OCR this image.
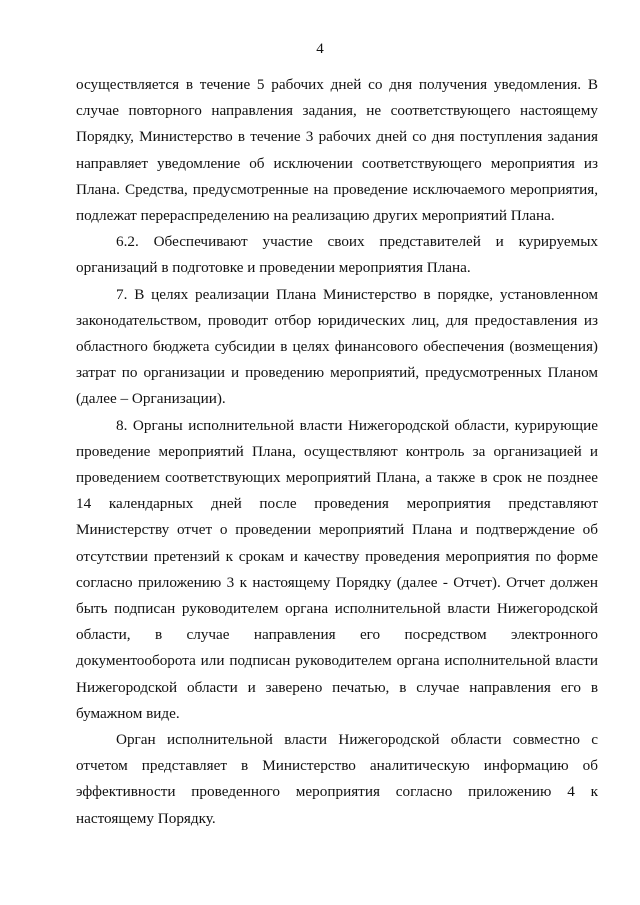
4

осуществляется в течение 5 рабочих дней со дня получения уведомления. В случае повторного направления задания, не соответствующего настоящему Порядку, Министерство в течение 3 рабочих дней со дня поступления задания направляет уведомление об исключении соответствующего мероприятия из Плана. Средства, предусмотренные на проведение исключаемого мероприятия, подлежат перераспределению на реализацию других мероприятий Плана.

6.2. Обеспечивают участие своих представителей и курируемых организаций в подготовке и проведении мероприятия Плана.

7. В целях реализации Плана Министерство в порядке, установленном законодательством, проводит отбор юридических лиц, для предоставления из областного бюджета субсидии в целях финансового обеспечения (возмещения) затрат по организации и проведению мероприятий, предусмотренных Планом (далее – Организации).

8. Органы исполнительной власти Нижегородской области, курирующие проведение мероприятий Плана, осуществляют контроль за организацией и проведением соответствующих мероприятий Плана, а также в срок не позднее 14 календарных дней после проведения мероприятия представляют Министерству отчет о проведении мероприятий Плана и подтверждение об отсутствии претензий к срокам и качеству проведения мероприятия по форме согласно приложению 3 к настоящему Порядку (далее - Отчет). Отчет должен быть подписан руководителем органа исполнительной власти Нижегородской области, в случае направления его посредством электронного документооборота или подписан руководителем органа исполнительной власти Нижегородской области и заверено печатью, в случае направления его в бумажном виде.

Орган исполнительной власти Нижегородской области совместно с отчетом представляет в Министерство аналитическую информацию об эффективности проведенного мероприятия согласно приложению 4 к настоящему Порядку.
